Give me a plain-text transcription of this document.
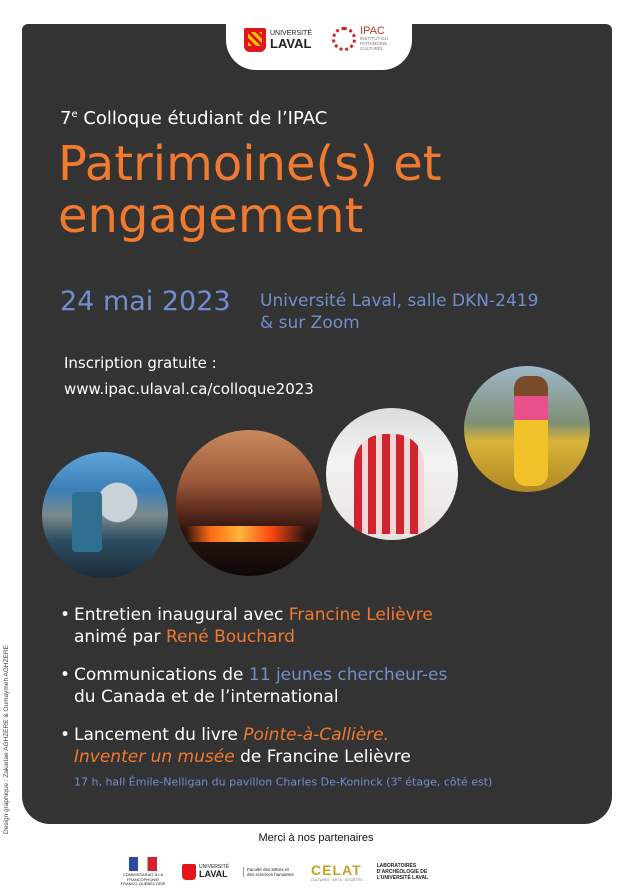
UNIVERSITÉ
LAVAL
IPAC
INSTITUT DU PATRIMOINE CULTUREL
7e Colloque étudiant de l’IPAC
Patrimoine(s) et engagement
24 mai 2023 Université Laval, salle DKN-2419
& sur Zoom
Inscription gratuite :
www.ipac.ulaval.ca/colloque2023
• Entretien inaugural avec Francine Lelièvre
animé par René Bouchard
• Communications de 11 jeunes chercheur-es
du Canada et de l’international
• Lancement du livre Pointe-à-Callière.
Inventer un musée de Francine Lelièvre
17 h, hall Émile-Nelligan du pavillon Charles De-Koninck (3e étage, côté est)
Design graphique : Zakariae AGHZERE & Oumaymeh AGHZERE
Merci à nos partenaires
COMMISSARIAT À LA FRANCOPHONIE FRANCO-QUÉBÉCOISE
UNIVERSITÉ
LAVAL	Faculté des lettres et des sciences humaines CELAT
CULTURES · ARTS · SOCIÉTÉS
LABORATOIRES D’ARCHÉOLOGIE DE L’UNIVERSITÉ LAVAL
